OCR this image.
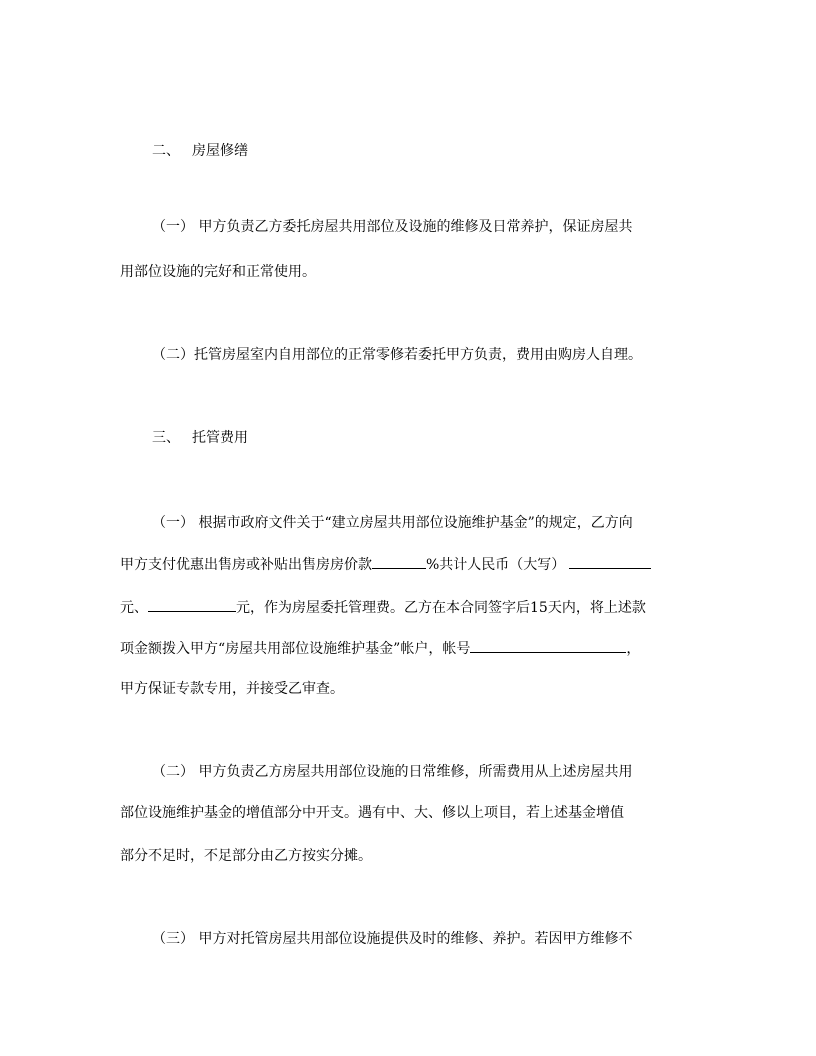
二、 房屋修缮
（一） 甲方负责乙方委托房屋共用部位及设施的维修及日常养护，保证房屋共
用部位设施的完好和正常使用。
（二）托管房屋室内自用部位的正常零修若委托甲方负责，费用由购房人自理。
三、 托管费用
（一） 根据市政府文件关于“建立房屋共用部位设施维护基金”的规定，乙方向
甲方支付优惠出售房或补贴出售房房价款	%共计人民币（大写）
元、	元，作为房屋委托管理费。乙方在本合同签字后15天内，将上述款
项金额拨入甲方“房屋共用部位设施维护基金”帐户，帐号	，
甲方保证专款专用，并接受乙审查。
（二） 甲方负责乙方房屋共用部位设施的日常维修，所需费用从上述房屋共用
部位设施维护基金的增值部分中开支。遇有中、大、修以上项目，若上述基金增值
部分不足时，不足部分由乙方按实分摊。
（三） 甲方对托管房屋共用部位设施提供及时的维修、养护。若因甲方维修不
